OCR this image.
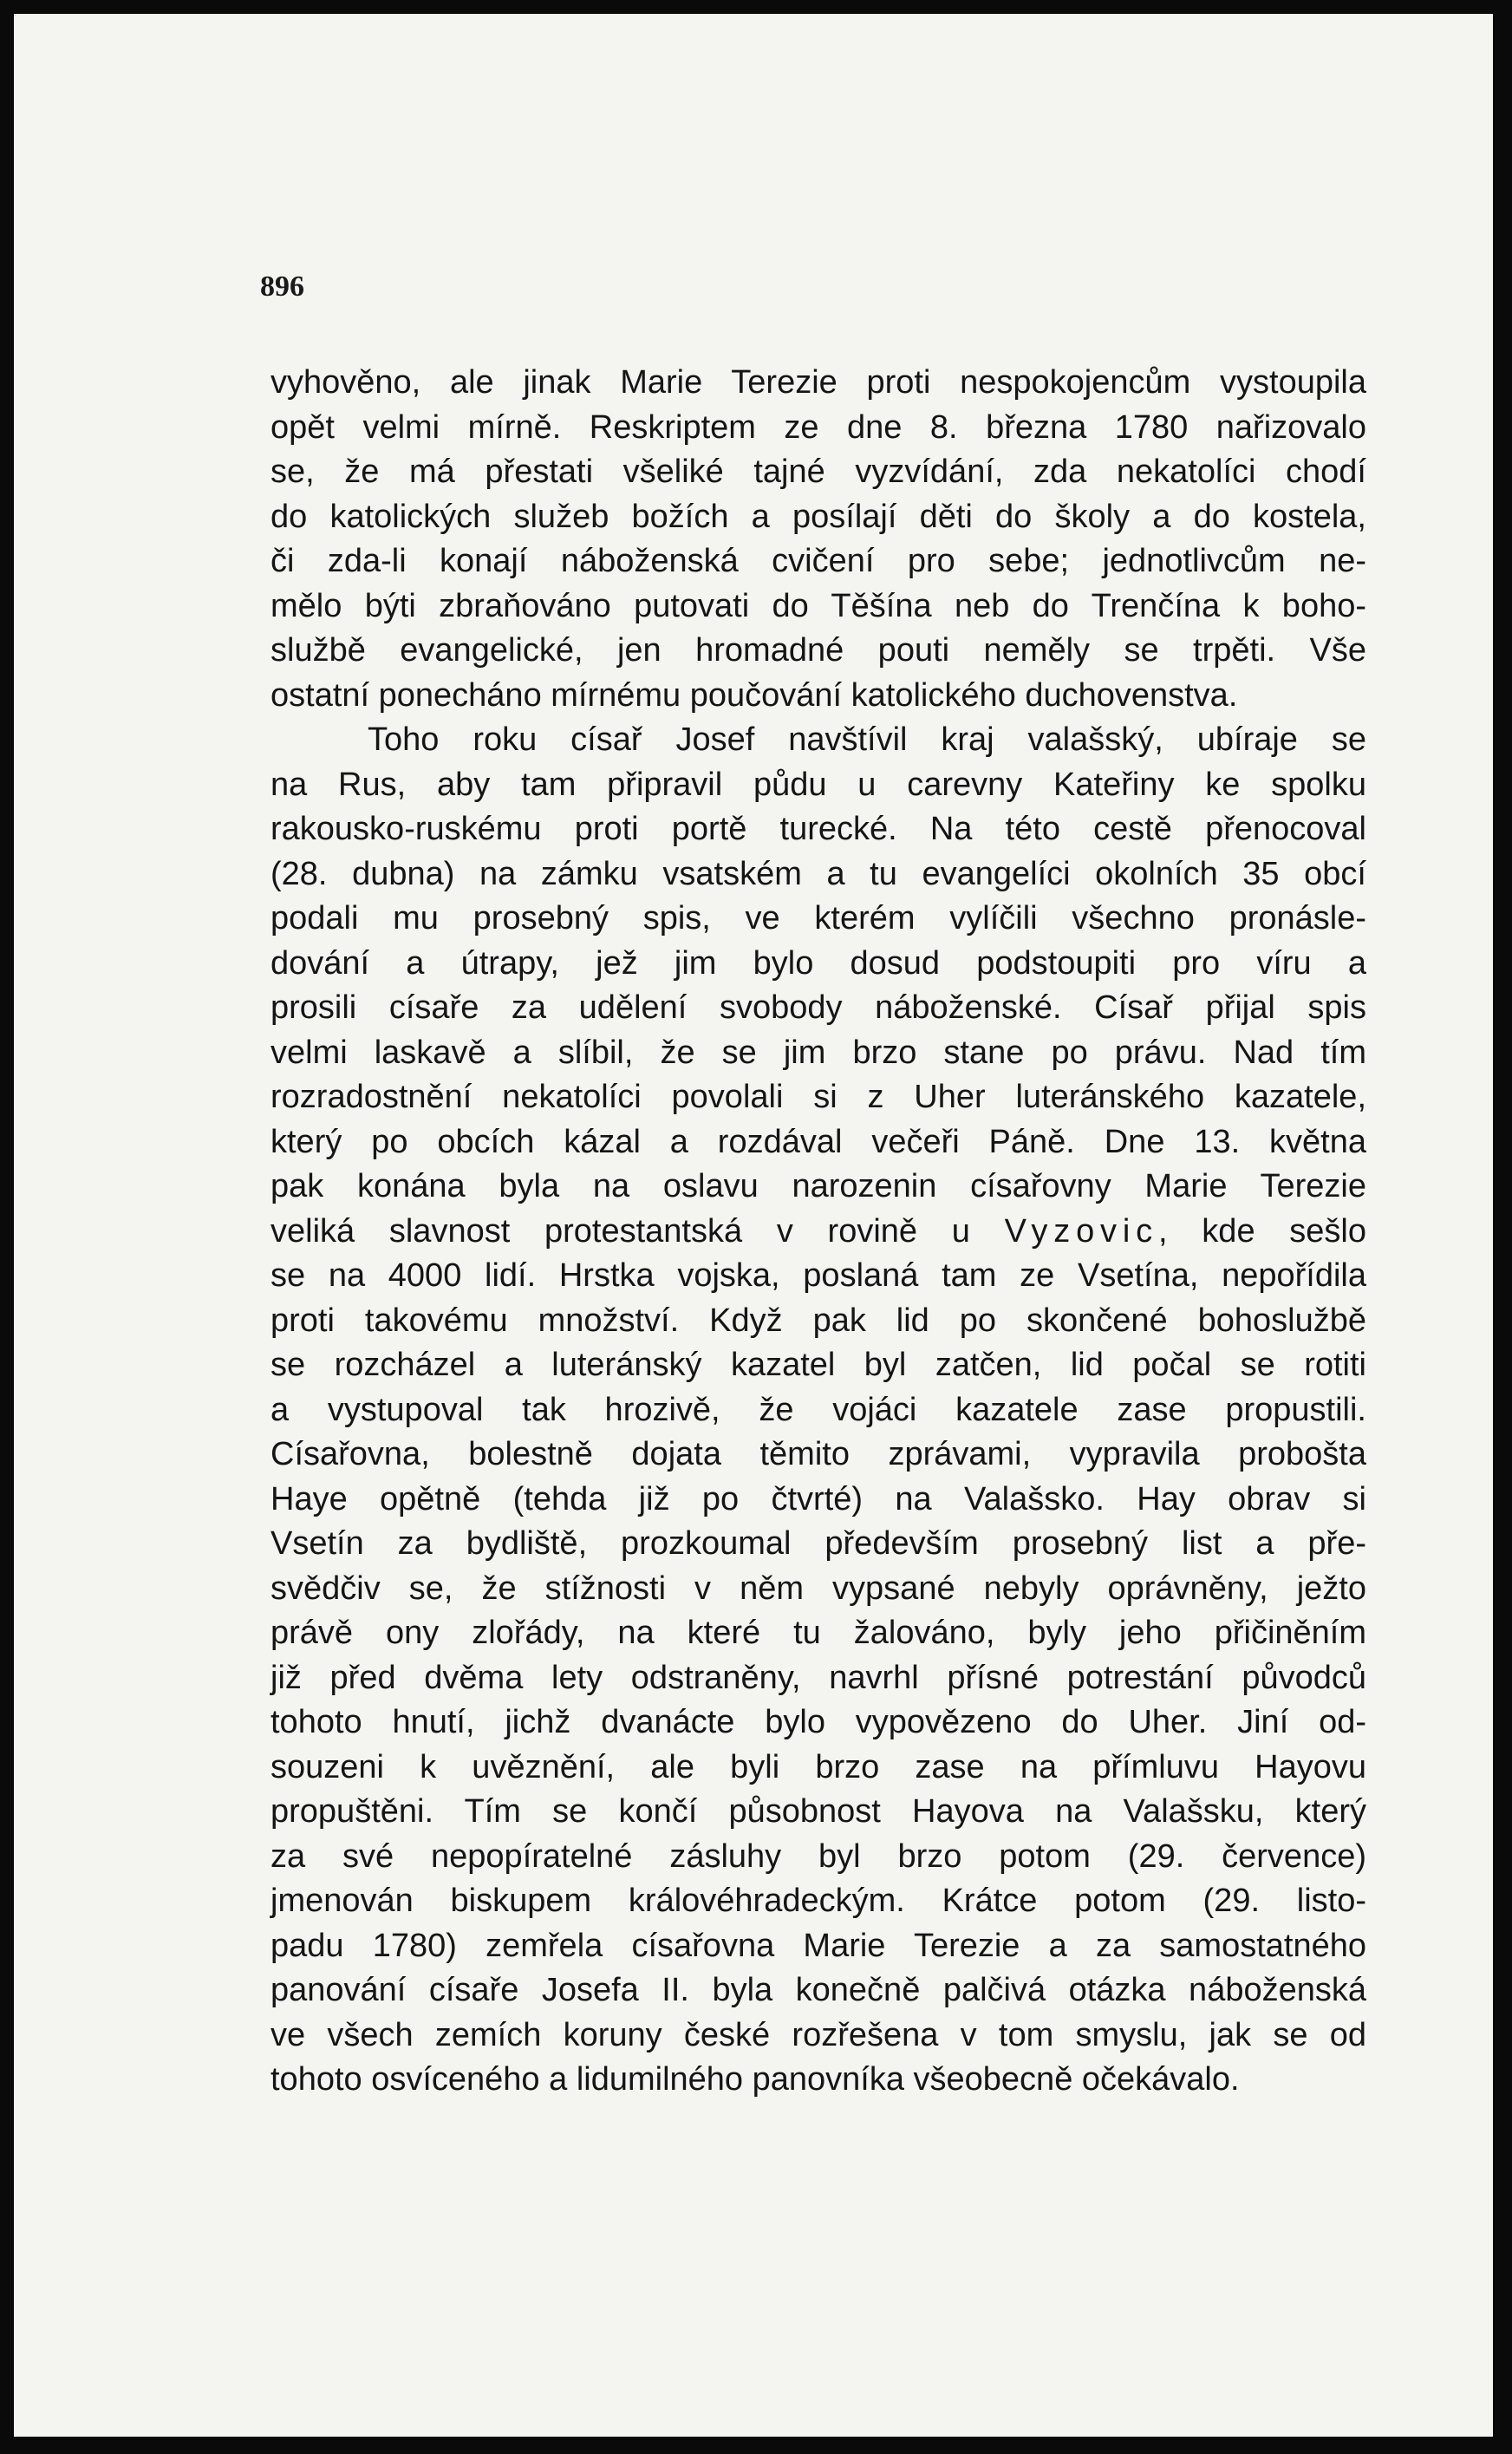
896
vyhověno, ale jinak Marie Terezie proti nespokojencům vystoupila
opět velmi mírně. Reskriptem ze dne 8. března 1780 nařizovalo
se, že má přestati všeliké tajné vyzvídání, zda nekatolíci chodí
do katolických služeb božích a posílají děti do školy a do kostela,
či zda-li konají náboženská cvičení pro sebe; jednotlivcům ne-
mělo býti zbraňováno putovati do Těšína neb do Trenčína k boho-
službě evangelické, jen hromadné pouti neměly se trpěti. Vše
ostatní ponecháno mírnému poučování katolického duchovenstva.
Toho roku císař Josef navštívil kraj valašský, ubíraje se
na Rus, aby tam připravil půdu u carevny Kateřiny ke spolku
rakousko-ruskému proti portě turecké. Na této cestě přenocoval
(28. dubna) na zámku vsatském a tu evangelíci okolních 35 obcí
podali mu prosebný spis, ve kterém vylíčili všechno pronásle-
dování a útrapy, jež jim bylo dosud podstoupiti pro víru a
prosili císaře za udělení svobody náboženské. Císař přijal spis
velmi laskavě a slíbil, že se jim brzo stane po právu. Nad tím
rozradostnění nekatolíci povolali si z Uher luteránského kazatele,
který po obcích kázal a rozdával večeři Páně. Dne 13. května
pak konána byla na oslavu narozenin císařovny Marie Terezie
veliká slavnost protestantská v rovině u Vyzovic, kde sešlo
se na 4000 lidí. Hrstka vojska, poslaná tam ze Vsetína, nepořídila
proti takovému množství. Když pak lid po skončené bohoslužbě
se rozcházel a luteránský kazatel byl zatčen, lid počal se rotiti
a vystupoval tak hrozivě, že vojáci kazatele zase propustili.
Císařovna, bolestně dojata těmito zprávami, vypravila proboštа
Haye opětně (tehda již po čtvrté) na Valašsko. Hay obrav si
Vsetín za bydliště, prozkoumal především prosebný list a pře-
svědčiv se, že stížnosti v něm vypsané nebyly oprávněny, ježto
právě ony zlořády, na které tu žalováno, byly jeho přičiněním
již před dvěma lety odstraněny, navrhl přísné potrestání původců
tohoto hnutí, jichž dvanácte bylo vypovězeno do Uher. Jiní od-
souzeni k uvěznění, ale byli brzo zase na přímluvu Hayovu
propuštěni. Tím se končí působnost Hayova na Valašsku, který
za své nepopíratelné zásluhy byl brzo potom (29. července)
jmenován biskupem královéhradeckým. Krátce potom (29. listo-
padu 1780) zemřela císařovna Marie Terezie a za samostatného
panování císaře Josefa II. byla konečně palčivá otázka náboženská
ve všech zemích koruny české rozřešena v tom smyslu, jak se od
tohoto osvíceného a lidumilného panovníka všeobecně očekávalo.
